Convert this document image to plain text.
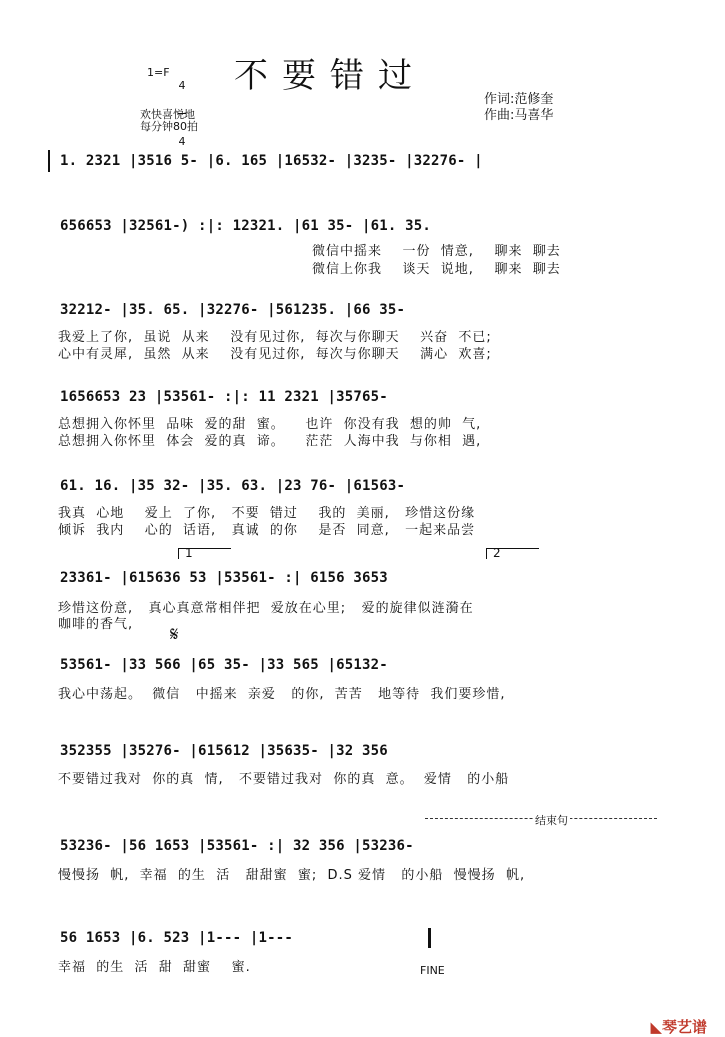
不要错过
1=F

4

4

欢快喜悦地
每分钟80拍
作词:范修奎
作曲:马喜华
1. 2321 |3516 5- |6. 165 |16532- |3235- |32276- |
656653 |32561-) :|: 12321. |61 35- |61. 35.
微信中摇来    一份  情意,    聊来  聊去
微信上你我    谈天  说地,    聊来  聊去
32212- |35. 65. |32276- |561235. |66 35-
我爱上了你,  虽说  从来    没有见过你,  每次与你聊天    兴奋  不已;
心中有灵犀,  虽然  从来    没有见过你,  每次与你聊天    满心  欢喜;
1656653 23 |53561- :|: 11 2321 |35765-
总想拥入你怀里  品味  爱的甜  蜜。    也许  你没有我  想的帅  气,
总想拥入你怀里  体会  爱的真  谛。    茫茫  人海中我  与你相  遇,
61. 16. |35 32- |35. 63. |23 76- |61563-
我真  心地    爱上  了你,   不要  错过    我的  美丽,   珍惜这份缘
倾诉  我内    心的  话语,   真诚  的你    是否  同意,   一起来品尝
1	2
23361- |615636 53 |53561- :| 6156 3653
珍惜这份意,   真心真意常相伴把  爱放在心里;   爱的旋律似涟漪在
咖啡的香气, 𝄋
53561- |33 566 |65 35- |33 565 |65132-
我心中荡起。  微信   中摇来  亲爱   的你,  苦苦   地等待  我们要珍惜,
352355 |35276- |615612 |35635- |32 356
不要错过我对  你的真  情,   不要错过我对  你的真  意。  爱情   的小船
结束句
53236- |56 1653 |53561- :| 32 356 |53236-
慢慢扬  帆,  幸福  的生  活   甜甜蜜  蜜;  D.S 爱情   的小船  慢慢扬  帆,
56 1653 |6. 523 |1--- |1---
幸福  的生  活  甜  甜蜜    蜜.	FINE

◣琴艺谱
